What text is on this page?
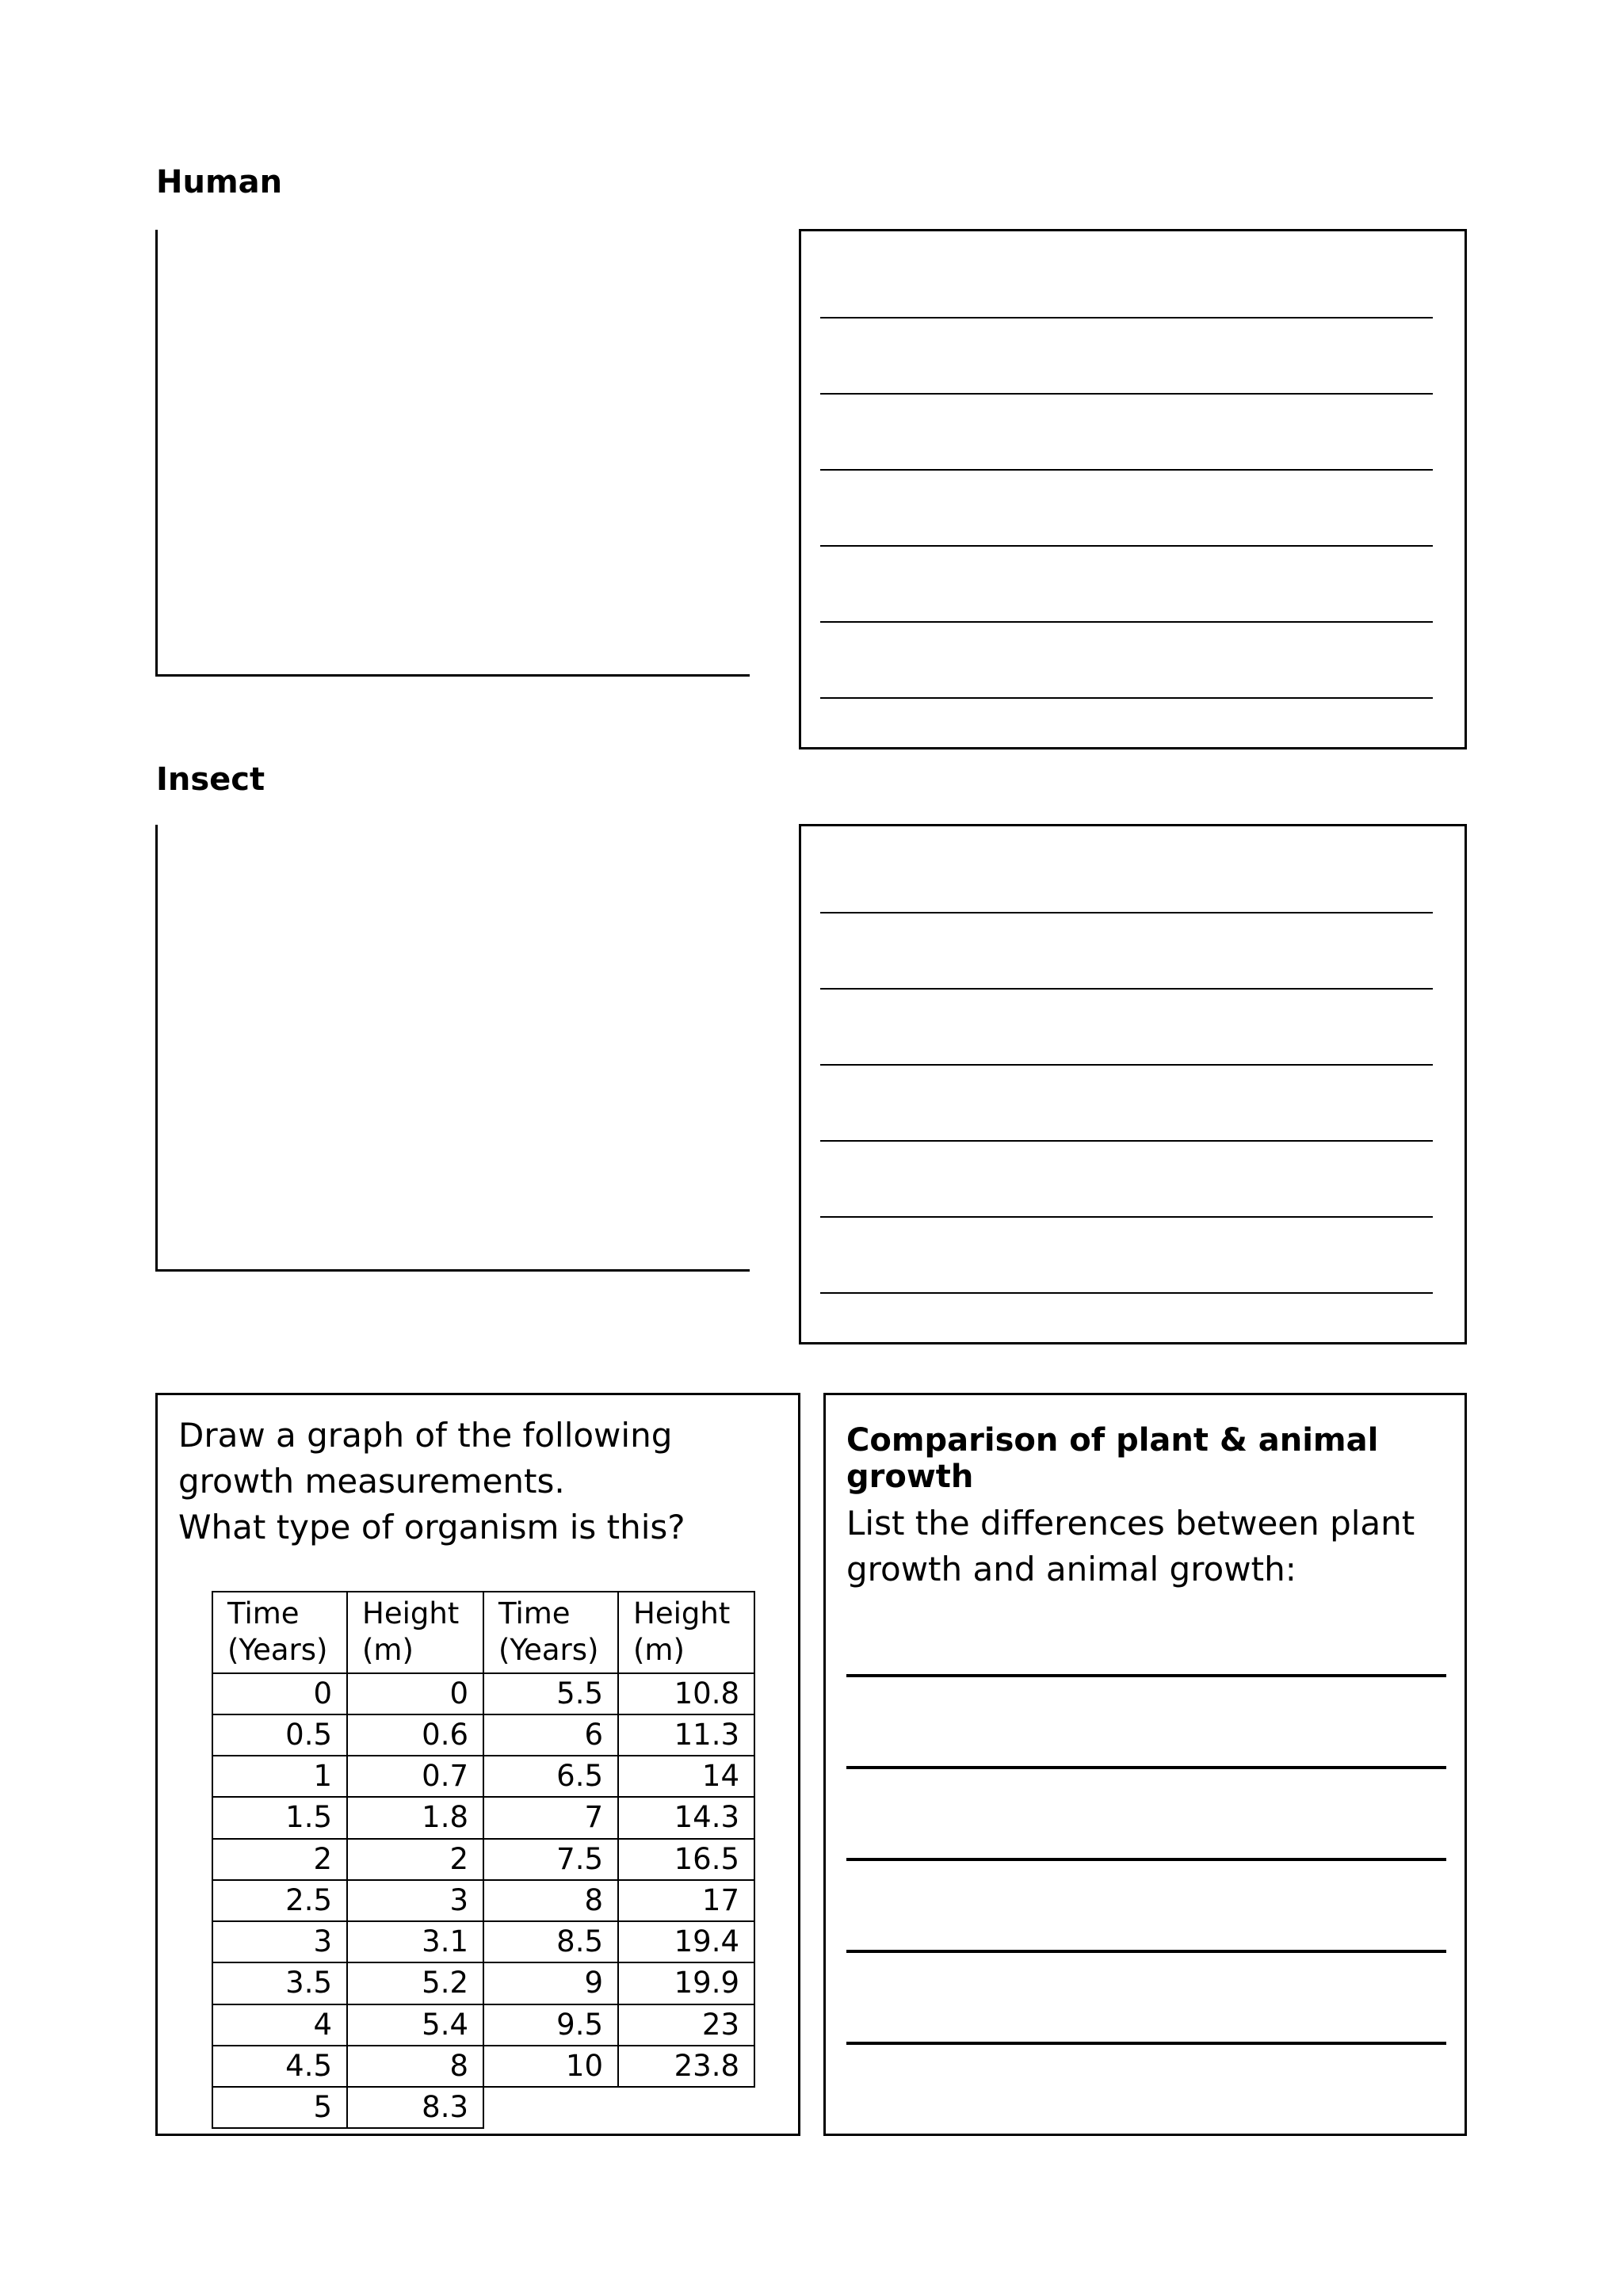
Human
Insect
Draw a graph of the following growth measurements.
What type of organism is this?
Time (Years)	Height (m)	Time (Years)	Height (m)
0	0	5.5	10.8
0.5	0.6	6	11.3
1	0.7	6.5	14
1.5	1.8	7	14.3
2	2	7.5	16.5
2.5	3	8	17
3	3.1	8.5	19.4
3.5	5.2	9	19.9
4	5.4	9.5	23
4.5	8	10	23.8
5	8.3		
Comparison of plant & animal growth
List the differences between plant growth and animal growth:
